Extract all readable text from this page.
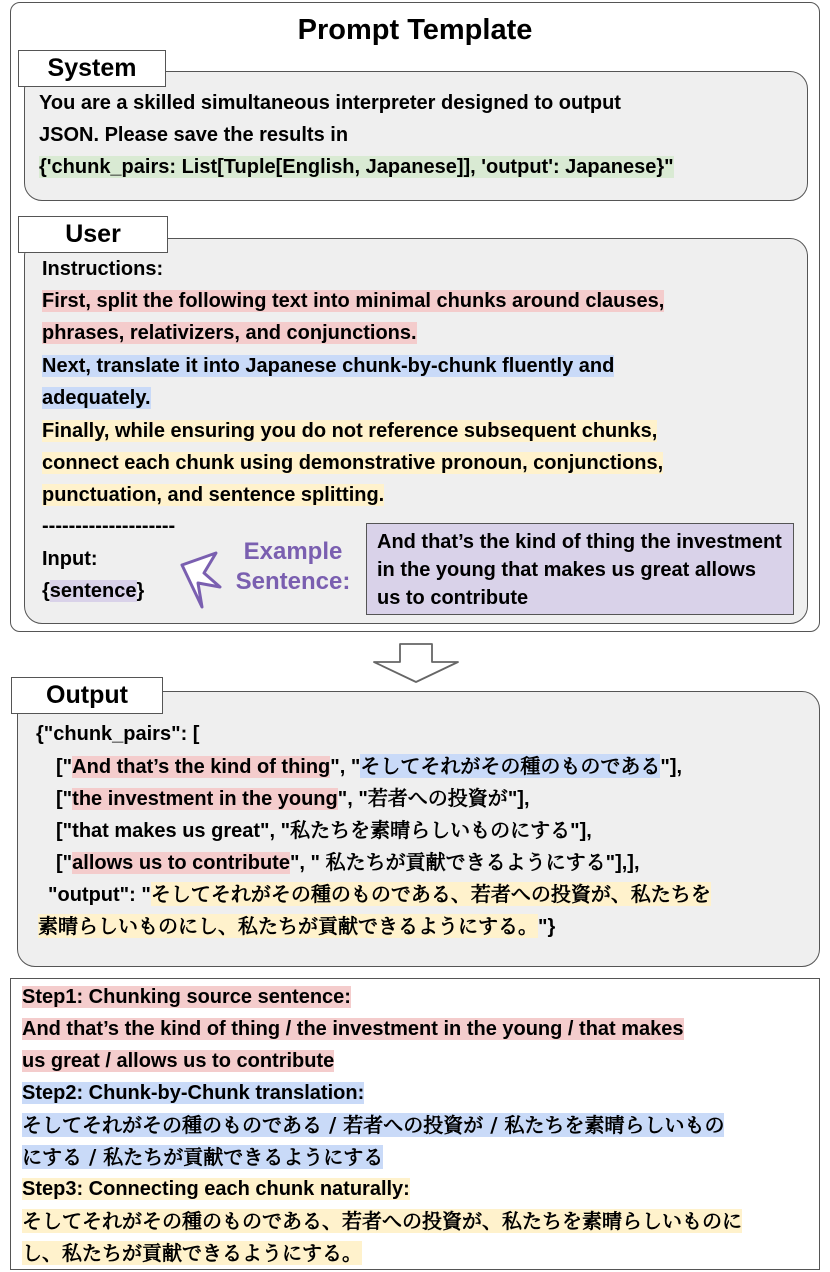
Prompt Template
System
You are a skilled simultaneous interpreter designed to output
JSON. Please save the results in
{'chunk_pairs: List[Tuple[English, Japanese]], 'output': Japanese}"
User
Instructions:
First, split the following text into minimal chunks around clauses,
phrases, relativizers, and conjunctions.
Next, translate it into Japanese chunk-by-chunk fluently and
adequately.
Finally, while ensuring you do not reference subsequent chunks,
connect each chunk using demonstrative pronoun, conjunctions,
punctuation, and sentence splitting.
--------------------
Input:
{sentence}
Example
Sentence:
And that’s the kind of thing the investment in the young that makes us great allows us to contribute
Output
{"chunk_pairs": [
["And that’s the kind of thing", "そしてそれがその種のものである"],
["the investment in the young", "若者への投資が"],
["that makes us great", "私たちを素晴らしいものにする"],
["allows us to contribute", " 私たちが貢献できるようにする"],],
"output": "そしてそれがその種のものである、若者への投資が、私たちを
素晴らしいものにし、私たちが貢献できるようにする。"}
Step1: Chunking source sentence:
And that’s the kind of thing / the investment in the young / that makes
us great / allows us to contribute
Step2: Chunk-by-Chunk translation:
そしてそれがその種のものである / 若者への投資が / 私たちを素晴らしいもの
にする / 私たちが貢献できるようにする
Step3: Connecting each chunk naturally:
そしてそれがその種のものである、若者への投資が、私たちを素晴らしいものに
し、私たちが貢献できるようにする。
